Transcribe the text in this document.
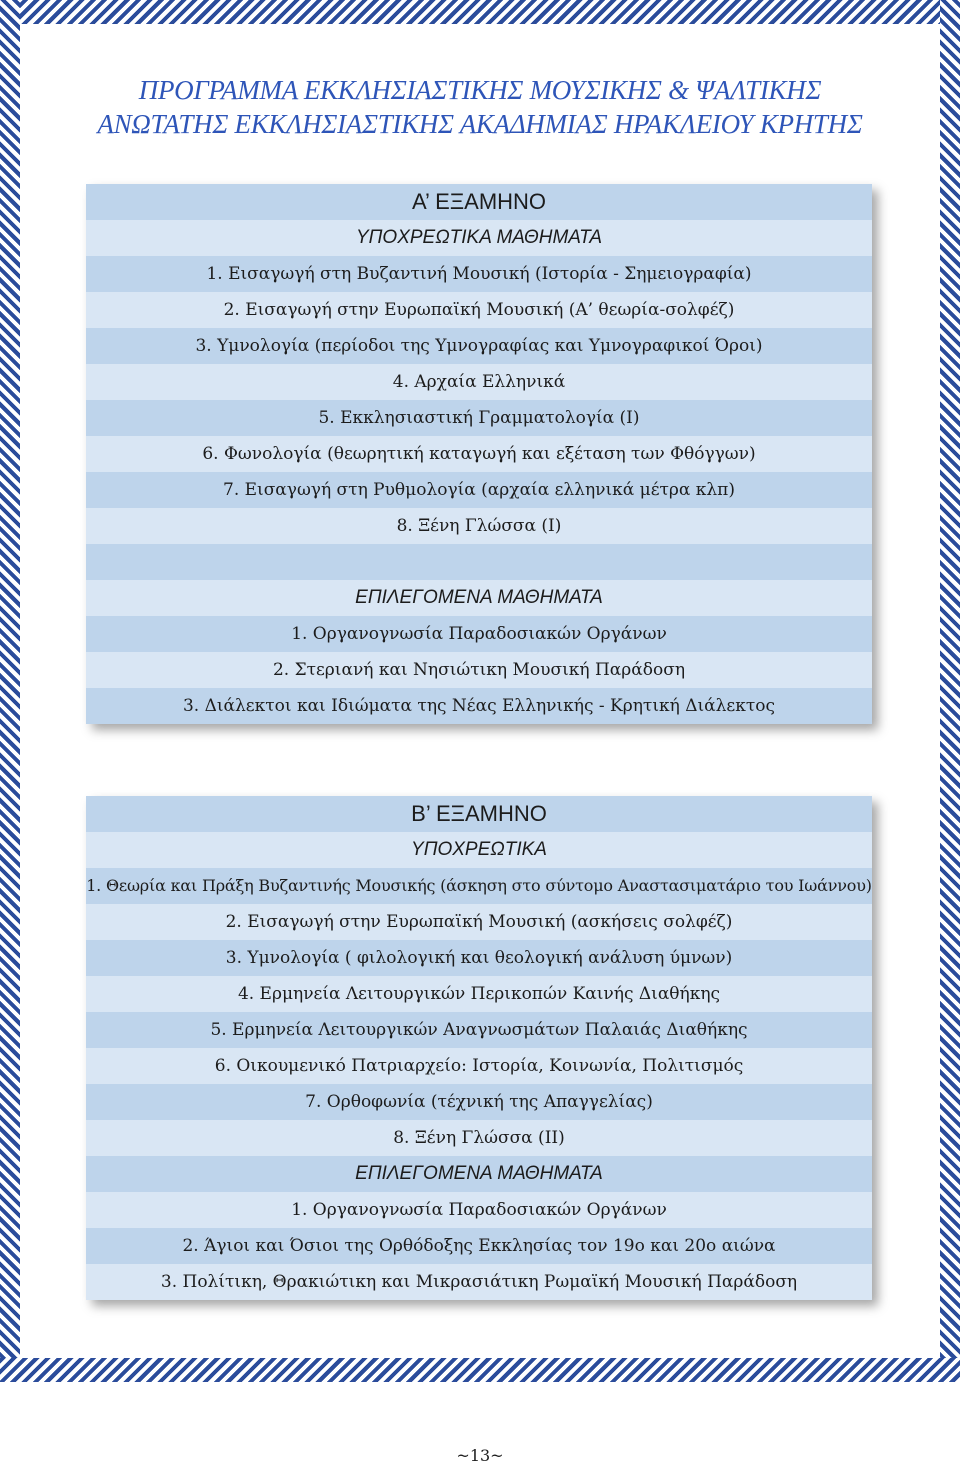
ΠΡΟΓΡΑΜΜΑ ΕΚΚΛΗΣΙΑΣΤΙΚΗΣ ΜΟΥΣΙΚΗΣ & ΨΑΛΤΙΚΗΣ
ΑΝΩΤΑΤΗΣ ΕΚΚΛΗΣΙΑΣΤΙΚΗΣ ΑΚΑΔΗΜΙΑΣ ΗΡΑΚΛΕΙΟΥ ΚΡΗΤΗΣ
Α’ ΕΞΑΜΗΝΟ
ΥΠΟΧΡΕΩΤΙΚΑ ΜΑΘΗΜΑΤΑ
1. Εισαγωγή στη Βυζαντινή Μουσική (Ιστορία - Σημειογραφία)
2. Εισαγωγή στην Ευρωπαϊκή Μουσική (Α’ θεωρία-σολφέζ)
3. Υμνολογία (περίοδοι της Υμνογραφίας και Υμνογραφικοί Όροι)
4. Αρχαία Ελληνικά
5. Εκκλησιαστική Γραμματολογία (Ι)
6. Φωνολογία (θεωρητική καταγωγή και εξέταση των Φθόγγων)
7. Εισαγωγή στη Ρυθμολογία (αρχαία ελληνικά μέτρα κλπ)
8. Ξένη Γλώσσα (Ι)
ΕΠΙΛΕΓΟΜΕΝΑ ΜΑΘΗΜΑΤΑ
1. Οργανογνωσία Παραδοσιακών Οργάνων
2. Στεριανή και Νησιώτικη Μουσική Παράδοση
3. Διάλεκτοι και Ιδιώματα της Νέας Ελληνικής - Κρητική Διάλεκτος
Β’ ΕΞΑΜΗΝΟ
ΥΠΟΧΡΕΩΤΙΚΑ
1. Θεωρία και Πράξη Βυζαντινής Μουσικής (άσκηση στο σύντομο Αναστασιματάριο του Ιωάννου)
2. Εισαγωγή στην Ευρωπαϊκή Μουσική (ασκήσεις σολφέζ)
3. Υμνολογία ( φιλολογική και θεολογική ανάλυση ύμνων)
4. Ερμηνεία Λειτουργικών Περικοπών Καινής Διαθήκης
5. Ερμηνεία Λειτουργικών Αναγνωσμάτων Παλαιάς Διαθήκης
6. Οικουμενικό Πατριαρχείο: Ιστορία, Κοινωνία, Πολιτισμός
7. Ορθοφωνία (τέχνική της Απαγγελίας)
8. Ξένη Γλώσσα (ΙΙ)
ΕΠΙΛΕΓΟΜΕΝΑ ΜΑΘΗΜΑΤΑ
1. Οργανογνωσία Παραδοσιακών Οργάνων
2. Άγιοι και Όσιοι της Ορθόδοξης Εκκλησίας τον 19ο και 20ο αιώνα
3. Πολίτικη, Θρακιώτικη και Μικρασιάτικη Ρωμαϊκή Μουσική Παράδοση
~13~
